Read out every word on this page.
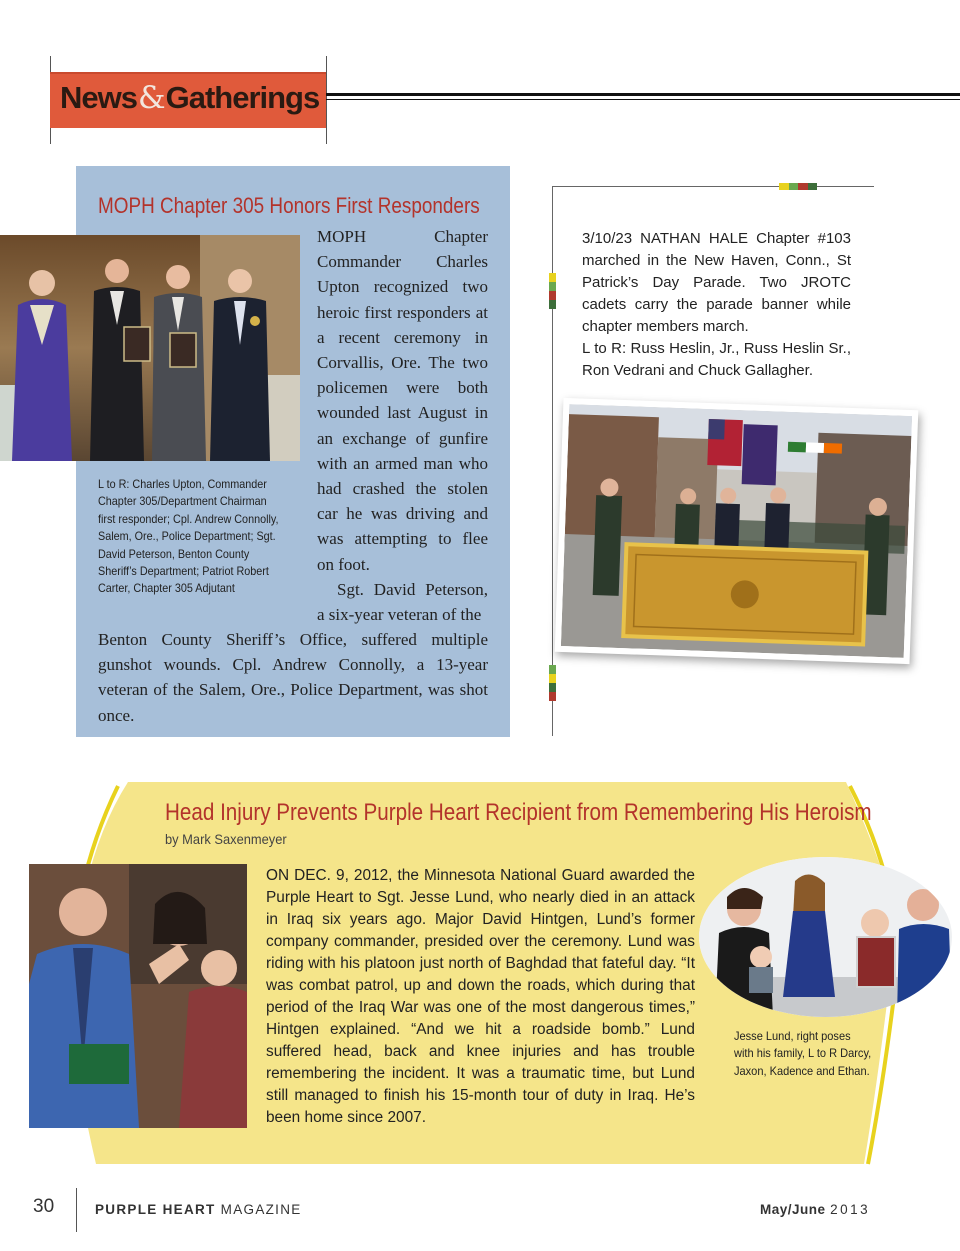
News&Gatherings
MOPH Chapter 305 Honors First Responders
L to R: Charles Upton, Commander Chapter 305/Department Chairman first responder; Cpl. Andrew Connolly, Salem, Ore., Police Department; Sgt. David Peterson, Benton County Sheriff’s Department; Patriot Robert Carter, Chapter 305 Adjutant

MOPH Chapter Commander Charles Upton recognized two heroic first responders at a recent ceremony in Corvallis, Ore. The two policemen were both wounded last August in an exchange of gunfire with an armed man who had crashed the stolen car he was driving and was attempting to flee on foot.

Sgt. David Peterson, a six-year veteran of the

Benton County Sheriff’s Office, suffered multiple gunshot wounds. Cpl. Andrew Connolly, a 13-year veteran of the Salem, Ore., Police Department, was shot once.
3/10/23 NATHAN HALE Chapter #103 marched in the New Haven, Conn., St Patrick’s Day Parade. Two JROTC cadets carry the parade banner while chapter members march.
L to R: Russ Heslin, Jr., Russ Heslin Sr., Ron Vedrani and Chuck Gallagher.
Head Injury Prevents Purple Heart Recipient from Remembering His Heroism
by Mark Saxenmeyer
ON DEC. 9, 2012, the Minnesota National Guard awarded the Purple Heart to Sgt. Jesse Lund, who nearly died in an attack in Iraq six years ago. Major David Hintgen, Lund’s former company commander, presided over the ceremony. Lund was riding with his platoon just north of Baghdad that fateful day. “It was combat patrol, up and down the roads, which during that period of the Iraq War was one of the most dangerous times,” Hintgen explained. “And we hit a roadside bomb.” Lund suffered head, back and knee injuries and has trouble remembering the incident. It was a traumatic time, but Lund still managed to finish his 15-month tour of duty in Iraq. He’s been home since 2007.
Jesse Lund, right poses with his family, L to R Darcy, Jaxon, Kadence and Ethan.
30	PURPLE HEART MAGAZINE	May/June 2013
